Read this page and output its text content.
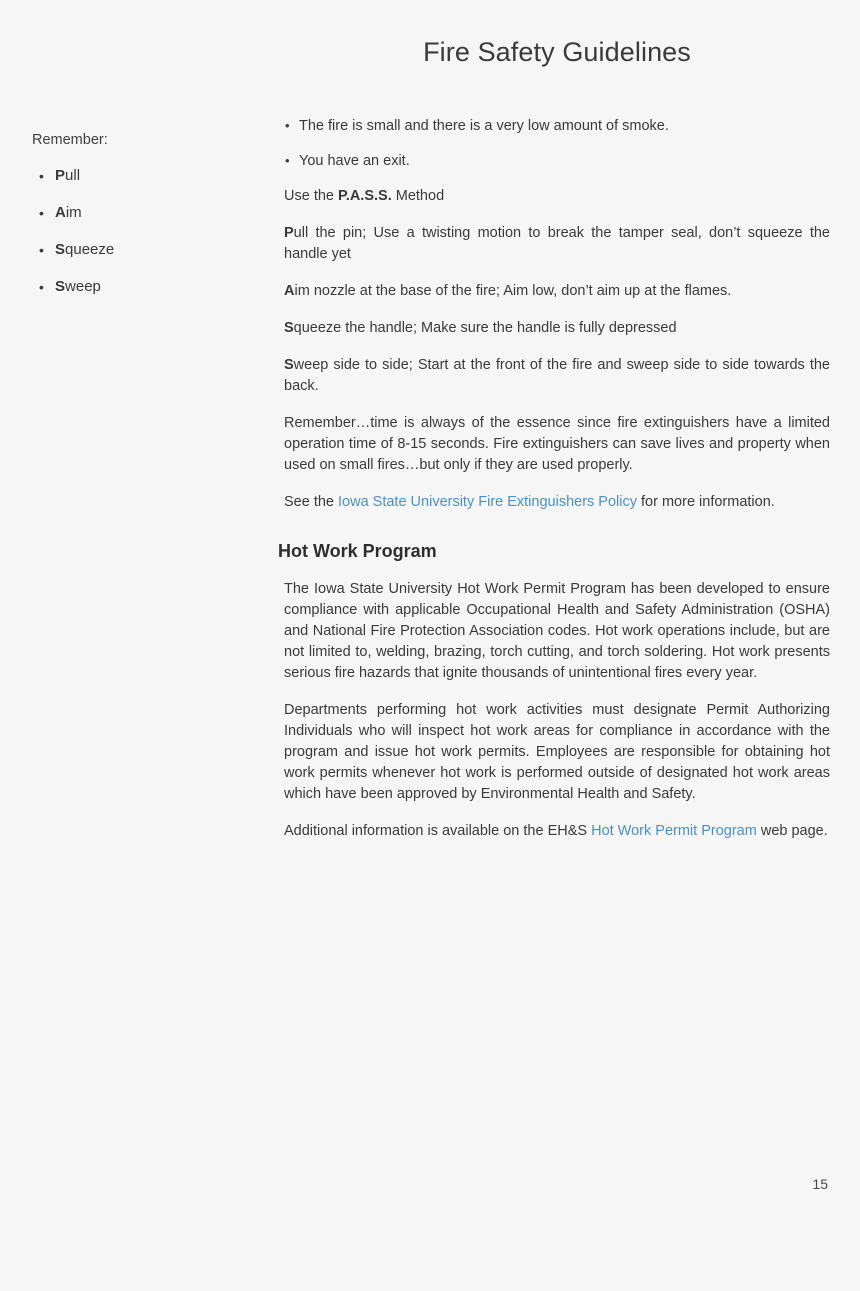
Fire Safety Guidelines
Remember:
• Pull
• Aim
• Squeeze
• Sweep
• The fire is small and there is a very low amount of smoke.
• You have an exit.

Use the P.A.S.S. Method

Pull the pin; Use a twisting motion to break the tamper seal, don’t squeeze the handle yet

Aim nozzle at the base of the fire; Aim low, don’t aim up at the flames.

Squeeze the handle; Make sure the handle is fully depressed

Sweep side to side; Start at the front of the fire and sweep side to side towards the back.

Remember…time is always of the essence since fire extinguishers have a limited operation time of 8-15 seconds. Fire extinguishers can save lives and property when used on small fires…but only if they are used properly.

See the Iowa State University Fire Extinguishers Policy for more information.

Hot Work Program

The Iowa State University Hot Work Permit Program has been developed to ensure compliance with applicable Occupational Health and Safety Administration (OSHA) and National Fire Protection Association codes. Hot work operations include, but are not limited to, welding, brazing, torch cutting, and torch soldering. Hot work presents serious fire hazards that ignite thousands of unintentional fires every year.

Departments performing hot work activities must designate Permit Authorizing Individuals who will inspect hot work areas for compliance in accordance with the program and issue hot work permits. Employees are responsible for obtaining hot work permits whenever hot work is performed outside of designated hot work areas which have been approved by Environmental Health and Safety.

Additional information is available on the EH&S Hot Work Permit Program web page.

15
